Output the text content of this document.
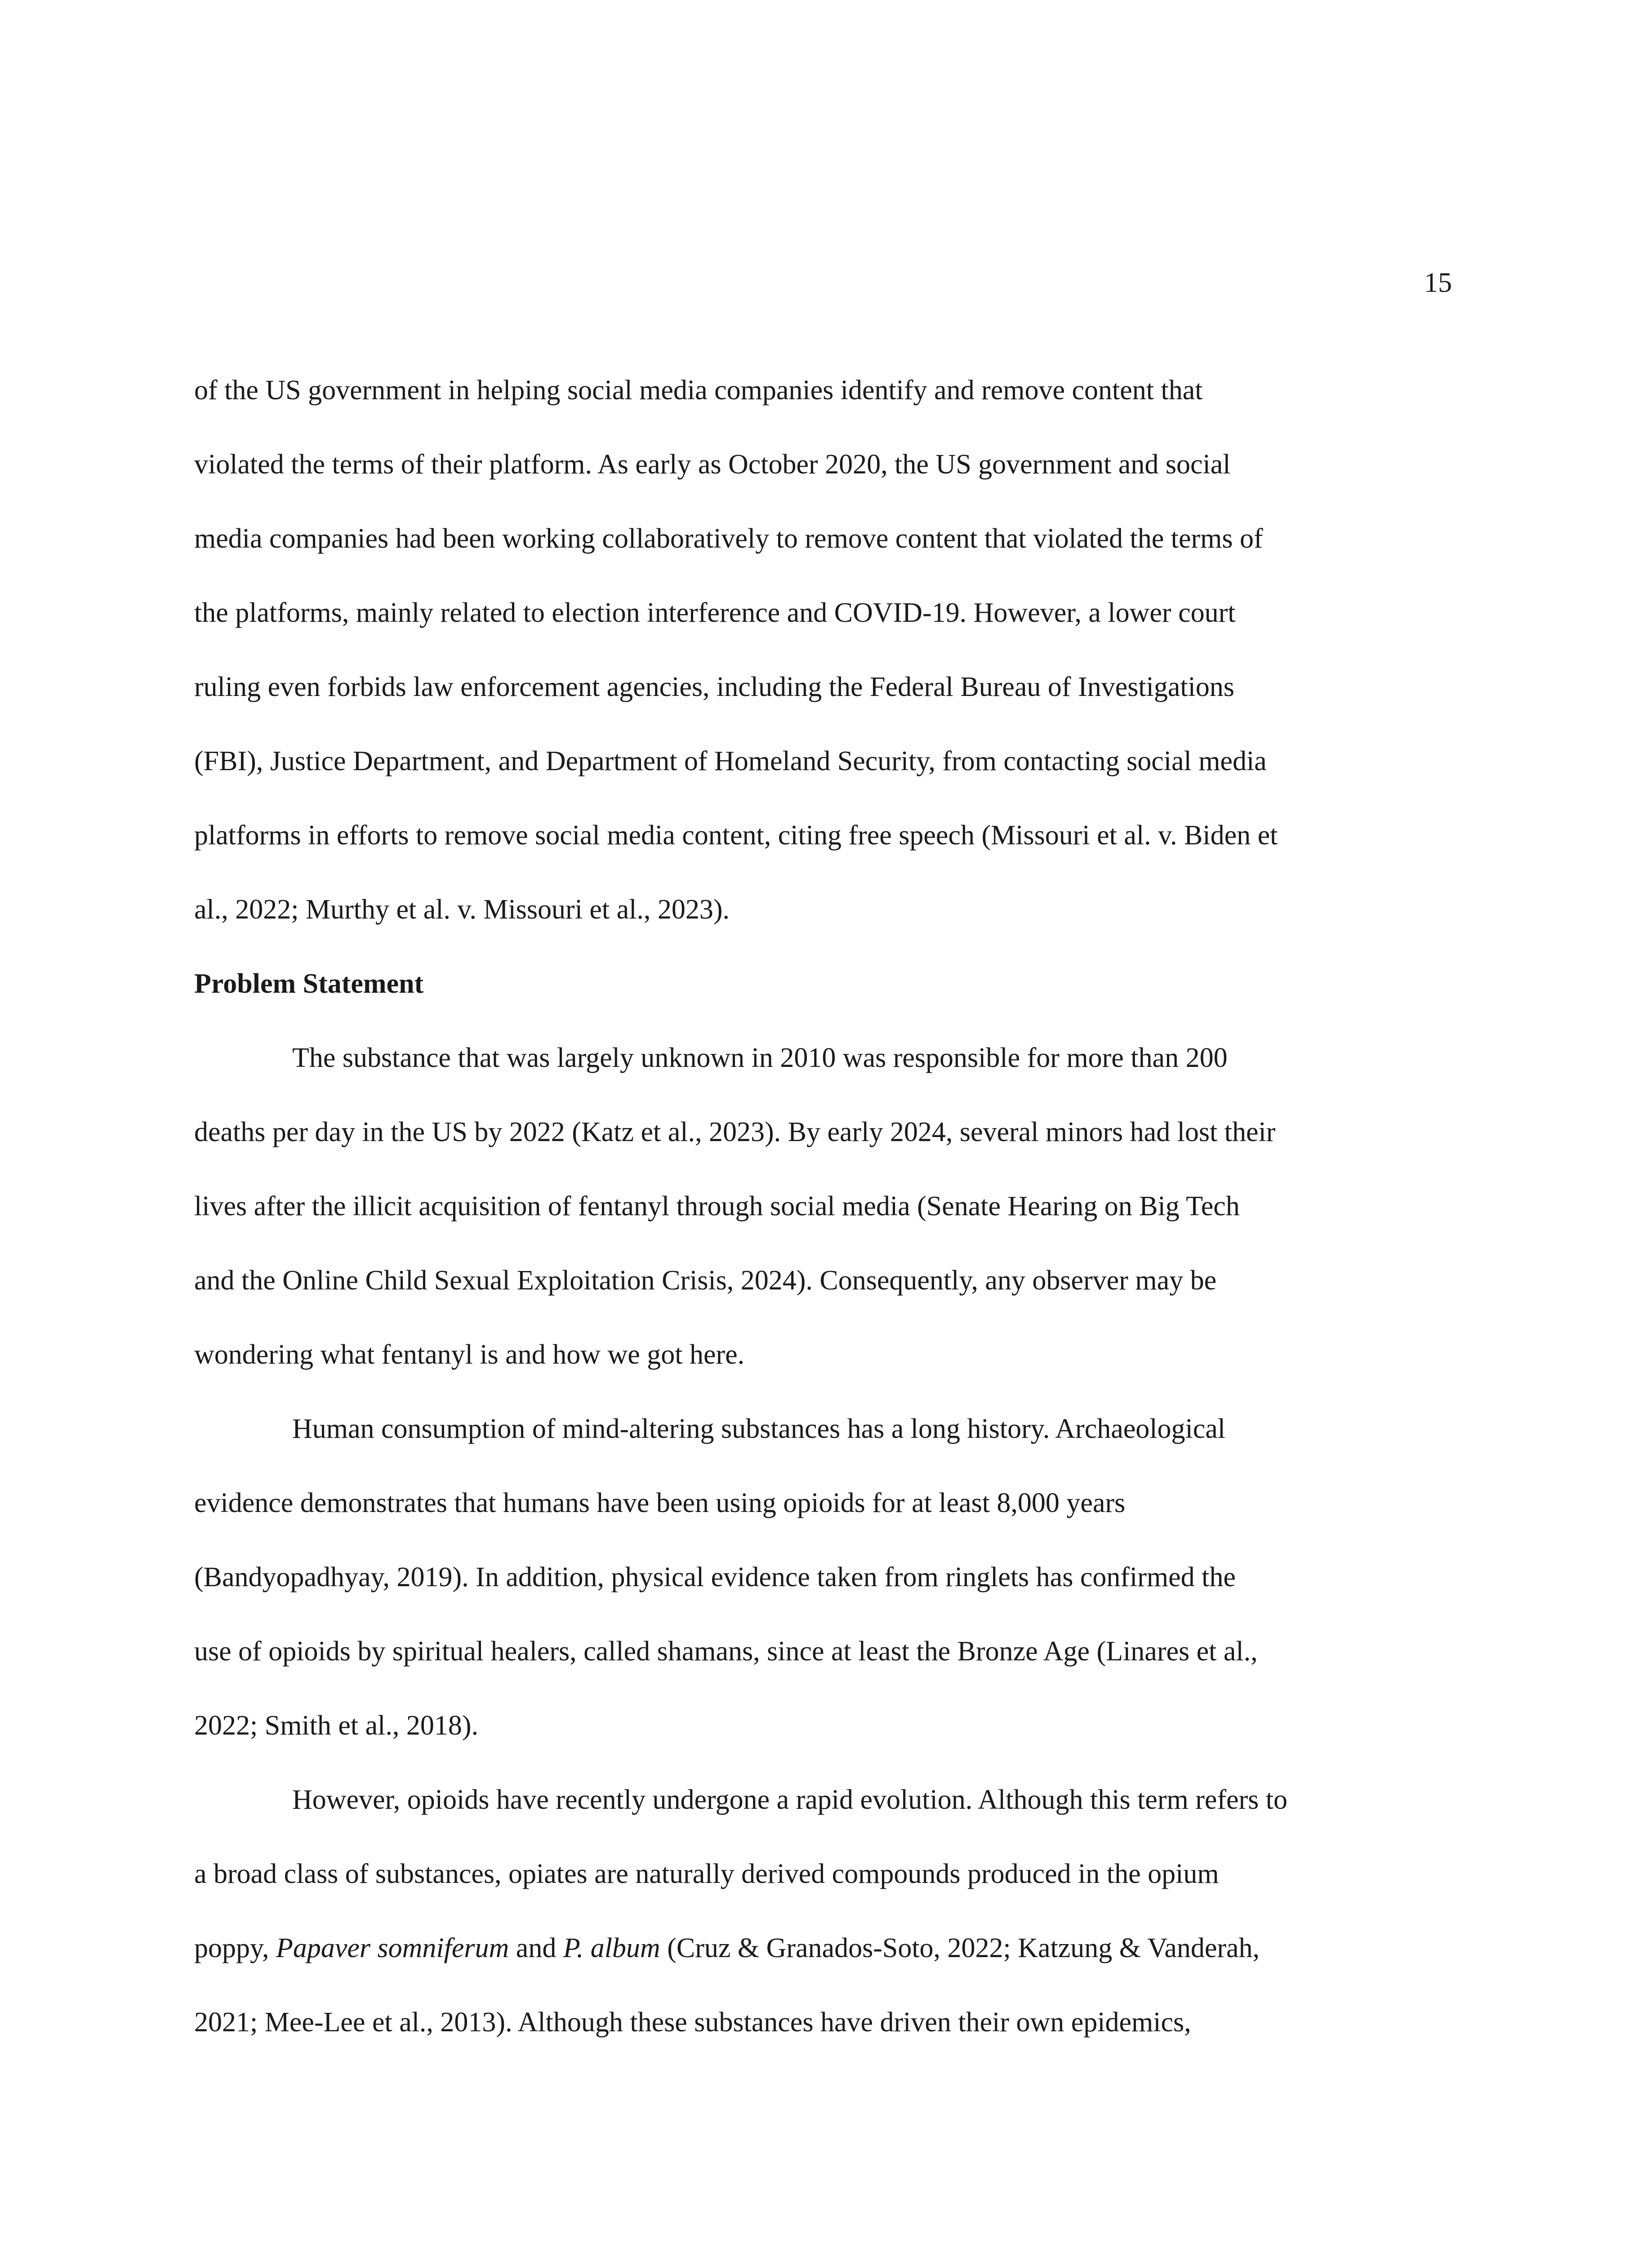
15
of the US government in helping social media companies identify and remove content that
violated the terms of their platform. As early as October 2020, the US government and social
media companies had been working collaboratively to remove content that violated the terms of
the platforms, mainly related to election interference and COVID-19. However, a lower court
ruling even forbids law enforcement agencies, including the Federal Bureau of Investigations
(FBI), Justice Department, and Department of Homeland Security, from contacting social media
platforms in efforts to remove social media content, citing free speech (Missouri et al. v. Biden et
al., 2022; Murthy et al. v. Missouri et al., 2023).
Problem Statement
The substance that was largely unknown in 2010 was responsible for more than 200
deaths per day in the US by 2022 (Katz et al., 2023). By early 2024, several minors had lost their
lives after the illicit acquisition of fentanyl through social media (Senate Hearing on Big Tech
and the Online Child Sexual Exploitation Crisis, 2024). Consequently, any observer may be
wondering what fentanyl is and how we got here.
Human consumption of mind-altering substances has a long history. Archaeological
evidence demonstrates that humans have been using opioids for at least 8,000 years
(Bandyopadhyay, 2019). In addition, physical evidence taken from ringlets has confirmed the
use of opioids by spiritual healers, called shamans, since at least the Bronze Age (Linares et al.,
2022; Smith et al., 2018).
However, opioids have recently undergone a rapid evolution. Although this term refers to
a broad class of substances, opiates are naturally derived compounds produced in the opium
poppy, Papaver somniferum and P. album (Cruz & Granados-Soto, 2022; Katzung & Vanderah,
2021; Mee-Lee et al., 2013). Although these substances have driven their own epidemics,
